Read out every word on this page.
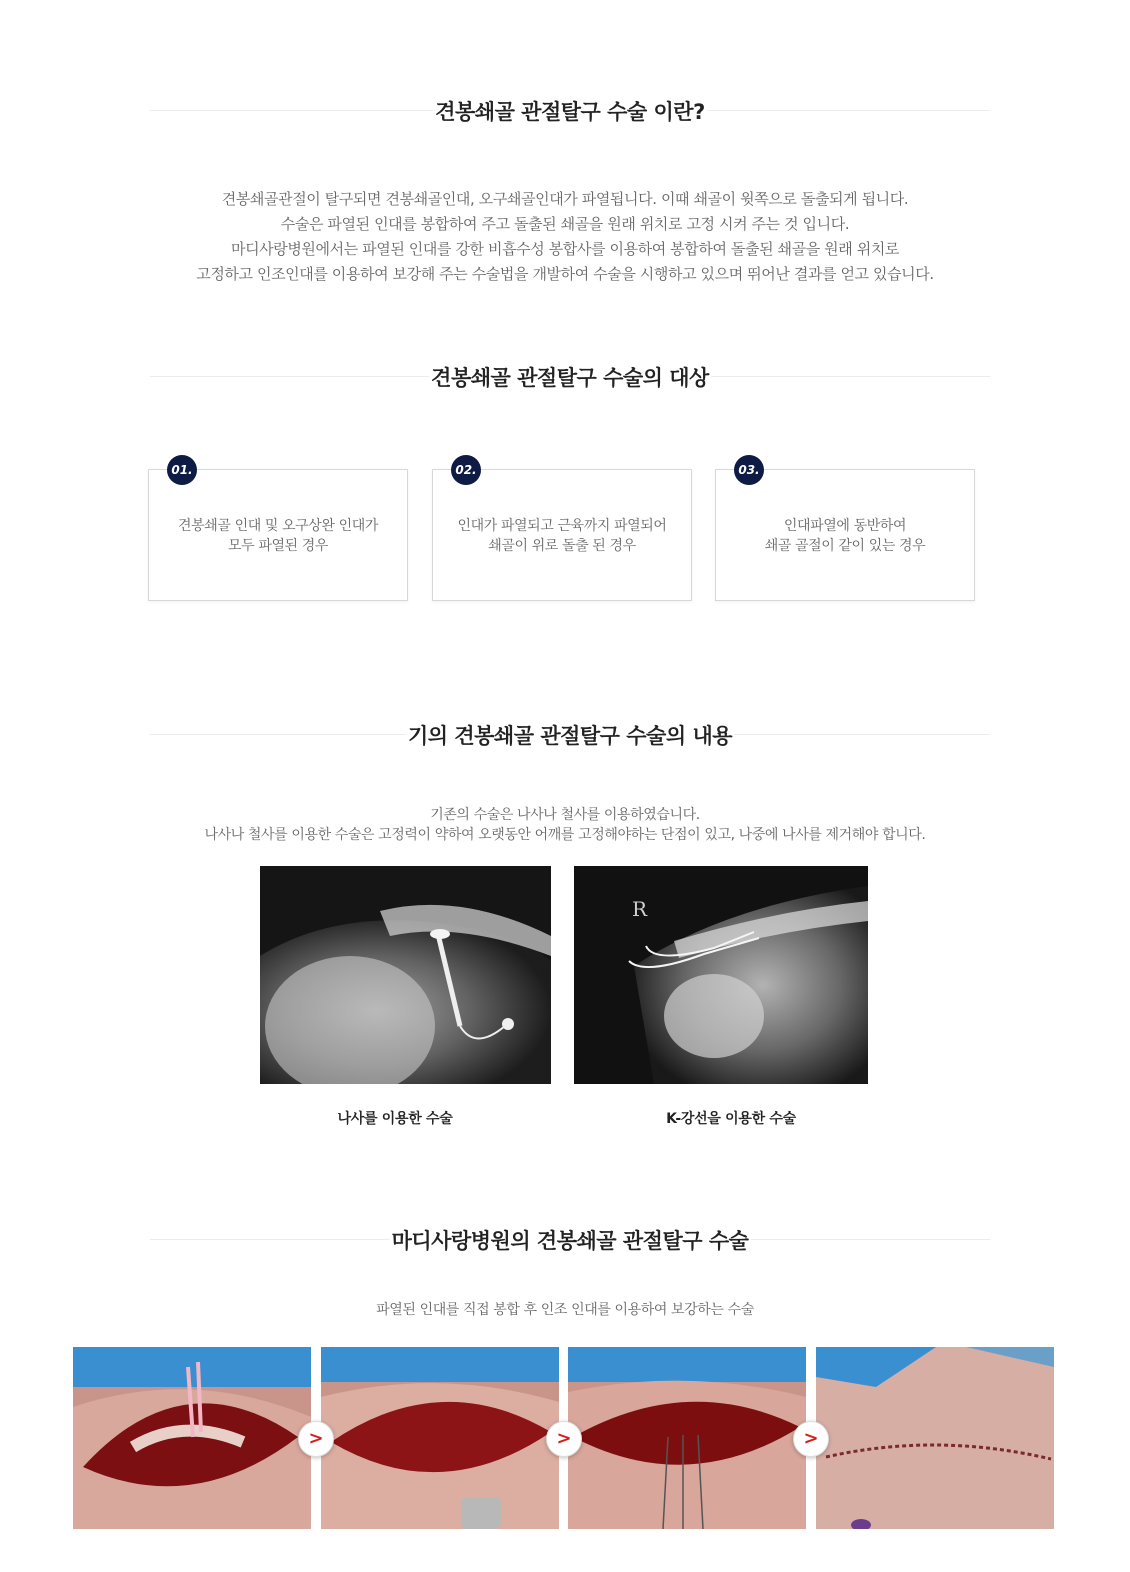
견봉쇄골 관절탈구 수술 이란?

견봉쇄골관절이 탈구되면 견봉쇄골인대, 오구쇄골인대가 파열됩니다. 이때 쇄골이 윗쪽으로 돌출되게 됩니다.

수술은 파열된 인대를 봉합하여 주고 돌출된 쇄골을 원래 위치로 고정 시켜 주는 것 입니다.

마디사랑병원에서는 파열된 인대를 강한 비흡수성 봉합사를 이용하여 봉합하여 돌출된 쇄골을 원래 위치로

고정하고 인조인대를 이용하여 보강해 주는 수술법을 개발하여 수술을 시행하고 있으며 뛰어난 결과를 얻고 있습니다.

견봉쇄골 관절탈구 수술의 대상
01.

견봉쇄골 인대 및 오구상완 인대가

모두 파열된 경우

02.

인대가 파열되고 근육까지 파열되어

쇄골이 위로 돌출 된 경우

03.

인대파열에 동반하여

쇄골 골절이 같이 있는 경우

기의 견봉쇄골 관절탈구 수술의 내용

기존의 수술은 나사나 철사를 이용하였습니다.

나사나 철사를 이용한 수술은 고정력이 약하여 오랫동안 어깨를 고정해야하는 단점이 있고, 나중에 나사를 제거해야 합니다.

R
나사를 이용한 수술	K-강선을 이용한 수술
마디사랑병원의 견봉쇄골 관절탈구 수술
파열된 인대를 직접 봉합 후 인조 인대를 이용하여 보강하는 수술
>	>	>
